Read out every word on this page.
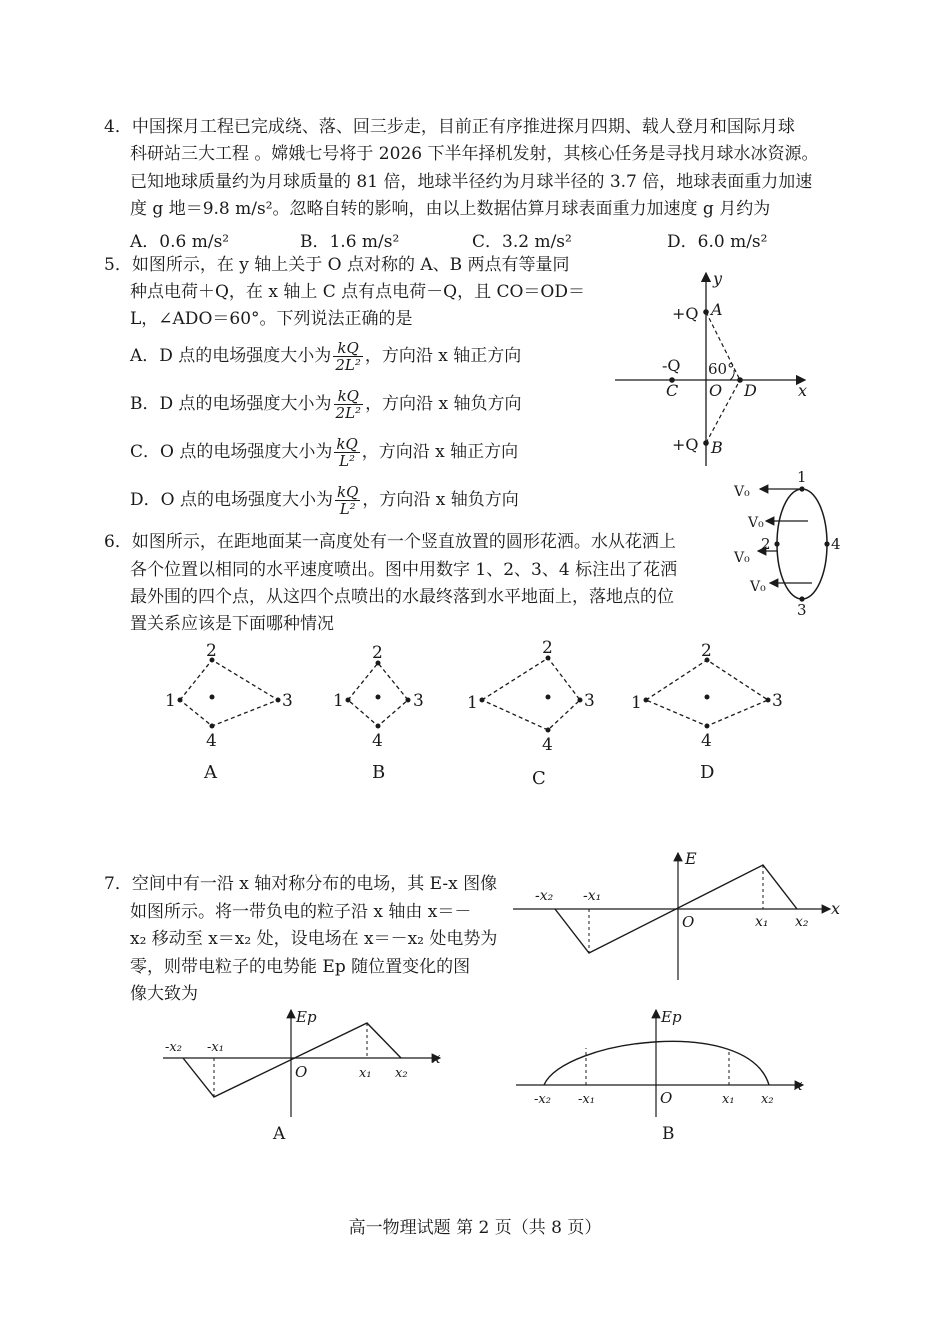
4．中国探月工程已完成绕、落、回三步走，目前正有序推进探月四期、载人登月和国际月球
科研站三大工程 。嫦娥七号将于 2026 下半年择机发射，其核心任务是寻找月球水冰资源。
已知地球质量约为月球质量的 81 倍，地球半径约为月球半径的 3.7 倍，地球表面重力加速
度 g 地＝9.8 m/s²。忽略自转的影响，由以上数据估算月球表面重力加速度 g 月约为
A．0.6 m/s²	B．1.6 m/s²	C．3.2 m/s²	D．6.0 m/s²
5．如图所示，在 y 轴上关于 O 点对称的 A、B 两点有等量同
种点电荷＋Q，在 x 轴上 C 点有点电荷－Q，且 CO＝OD＝
L，∠ADO＝60°。下列说法正确的是
A．D 点的电场强度大小为 $\frac{kQ}{\text{2L²}}$ ，方向沿 x 轴正方向
B．D 点的电场强度大小为 $\frac{kQ}{\text{2L²}}$ ，方向沿 x 轴负方向
C．O 点的电场强度大小为 $\frac{kQ}{\text{L²}}$ ，方向沿 x 轴正方向
D．O 点的电场强度大小为 $\frac{kQ}{\text{L²}}$ ，方向沿 x 轴负方向
y
x
+Q A
+Q B
-Q
C O D
60°
6．如图所示，在距地面某一高度处有一个竖直放置的圆形花洒。水从花洒上
各个位置以相同的水平速度喷出。图中用数字 1、2、3、4 标注出了花洒
最外围的四个点，从这四个点喷出的水最终落到水平地面上，落地点的位
置关系应该是下面哪种情况
V₀
V₀
V₀
V₀
1
2
3
4
1
2
3
4
A
1
2
3
4
B
1
2
3
4
C
1
2
3
4
D
7．空间中有一沿 x 轴对称分布的电场，其 E-x 图像
如图所示。将一带负电的粒子沿 x 轴由 x＝－
x₂ 移动至 x＝x₂ 处，设电场在 x＝－x₂ 处电势为
零，则带电粒子的电势能 Ep 随位置变化的图
像大致为
E
x
O
-x₂ -x₁
x₁ x₂
Ep
x
O
-x₂ -x₁
x₁ x₂
A
Ep
x
O
-x₂ -x₁	x₁ x₂
B
高一物理试题 第 2 页（共 8 页）
